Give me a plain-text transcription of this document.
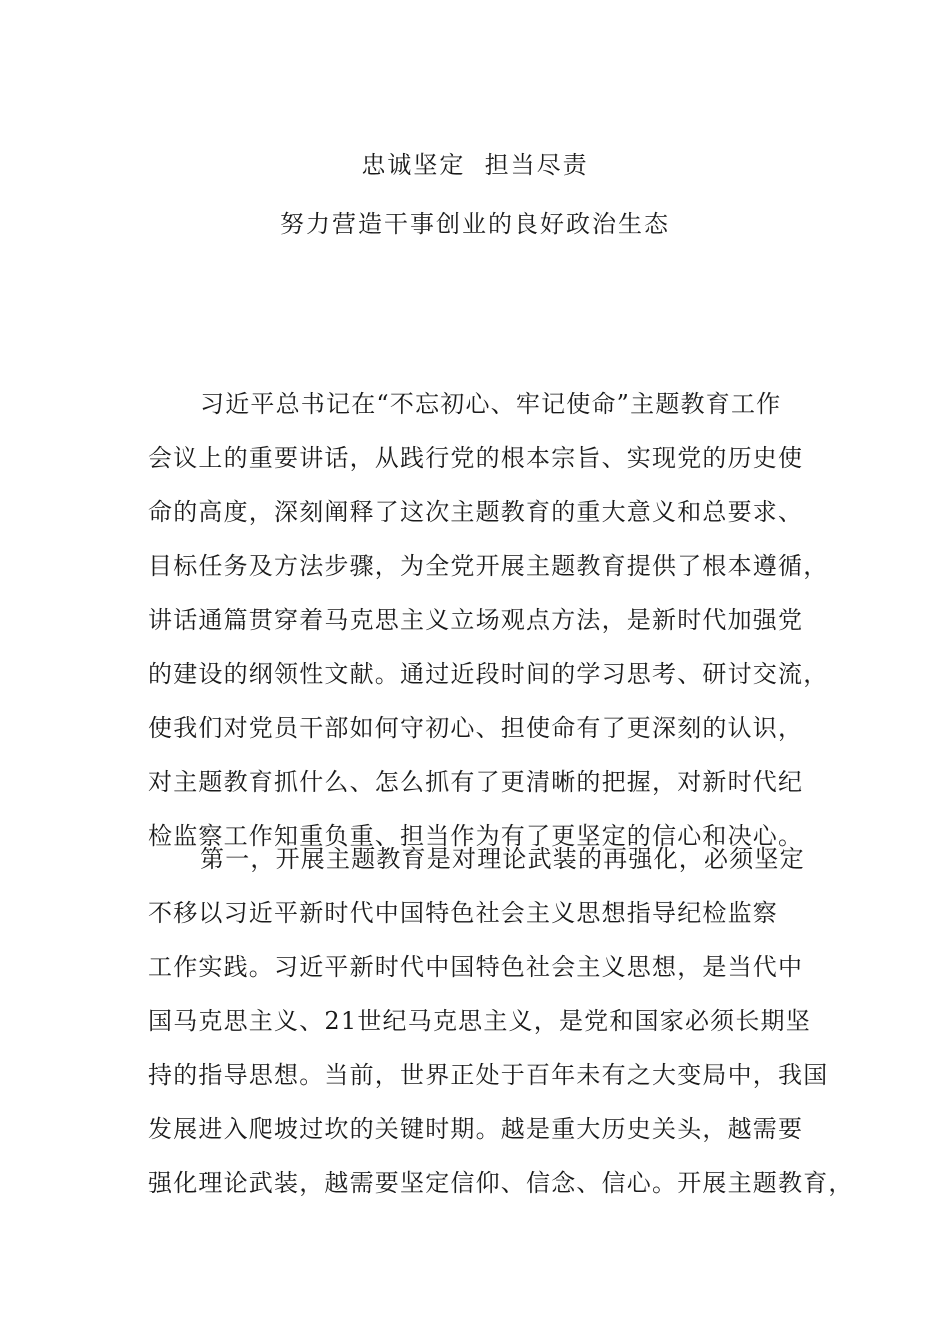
忠诚坚定  担当尽责
努力营造干事创业的良好政治生态
习近平总书记在“不忘初心、牢记使命”主题教育工作
会议上的重要讲话，从践行党的根本宗旨、实现党的历史使
命的高度，深刻阐释了这次主题教育的重大意义和总要求、
目标任务及方法步骤，为全党开展主题教育提供了根本遵循，
讲话通篇贯穿着马克思主义立场观点方法，是新时代加强党
的建设的纲领性文献。通过近段时间的学习思考、研讨交流，
使我们对党员干部如何守初心、担使命有了更深刻的认识，
对主题教育抓什么、怎么抓有了更清晰的把握，对新时代纪
检监察工作知重负重、担当作为有了更坚定的信心和决心。
第一，开展主题教育是对理论武装的再强化，必须坚定
不移以习近平新时代中国特色社会主义思想指导纪检监察
工作实践。习近平新时代中国特色社会主义思想，是当代中
国马克思主义、21世纪马克思主义，是党和国家必须长期坚
持的指导思想。当前，世界正处于百年未有之大变局中，我国
发展进入爬坡过坎的关键时期。越是重大历史关头，越需要
强化理论武装，越需要坚定信仰、信念、信心。开展主题教育，
